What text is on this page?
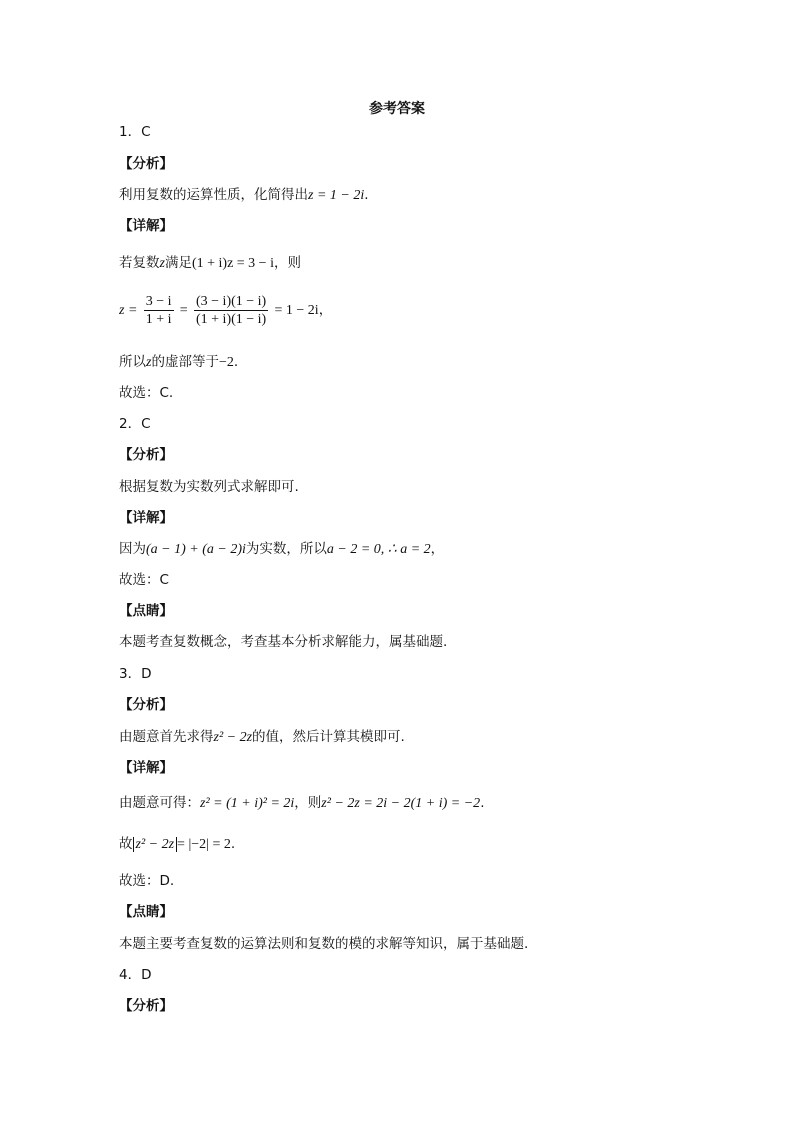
参考答案
1．C
【分析】
利用复数的运算性质，化简得出z = 1 − 2i.
【详解】
若复数z满足(1 + i)z = 3 − i，则
$z = \frac{3 - i}{1 + i} = \frac{(3 - i)(1 - i)}{(1 + i)(1 - i)} = 1 - 2i$，
所以z的虚部等于−2.
故选：C.
2．C
【分析】
根据复数为实数列式求解即可.
【详解】
因为(a − 1) + (a − 2)i为实数，所以a − 2 = 0, ∴ a = 2，
故选：C
【点睛】
本题考查复数概念，考查基本分析求解能力，属基础题.
3．D
【分析】
由题意首先求得z² − 2z的值，然后计算其模即可.
【详解】
由题意可得：z² = (1 + i)² = 2i，则z² − 2z = 2i − 2(1 + i) = −2.
故 z² − 2z = |−2| = 2.
故选：D.
【点睛】
本题主要考查复数的运算法则和复数的模的求解等知识，属于基础题.
4．D
【分析】
